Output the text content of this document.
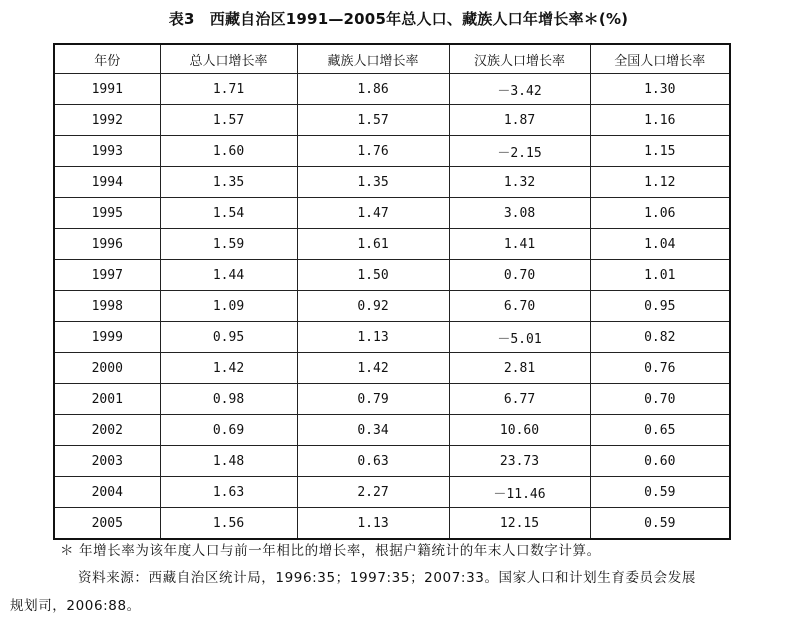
表3　西藏自治区1991—2005年总人口、藏族人口年增长率＊(%)
年份	总人口增长率	藏族人口增长率	汉族人口增长率	全国人口增长率
1991	1.71	1.86	－3.42	1.30
1992	1.57	1.57	1.87	1.16
1993	1.60	1.76	－2.15	1.15
1994	1.35	1.35	1.32	1.12
1995	1.54	1.47	3.08	1.06
1996	1.59	1.61	1.41	1.04
1997	1.44	1.50	0.70	1.01
1998	1.09	0.92	6.70	0.95
1999	0.95	1.13	－5.01	0.82
2000	1.42	1.42	2.81	0.76
2001	0.98	0.79	6.77	0.70
2002	0.69	0.34	10.60	0.65
2003	1.48	0.63	23.73	0.60
2004	1.63	2.27	－11.46	0.59
2005	1.56	1.13	12.15	0.59
＊ 年增长率为该年度人口与前一年相比的增长率，根据户籍统计的年末人口数字计算。
资料来源：西藏自治区统计局，1996:35；1997:35；2007:33。国家人口和计划生育委员会发展
规划司，2006:88。
